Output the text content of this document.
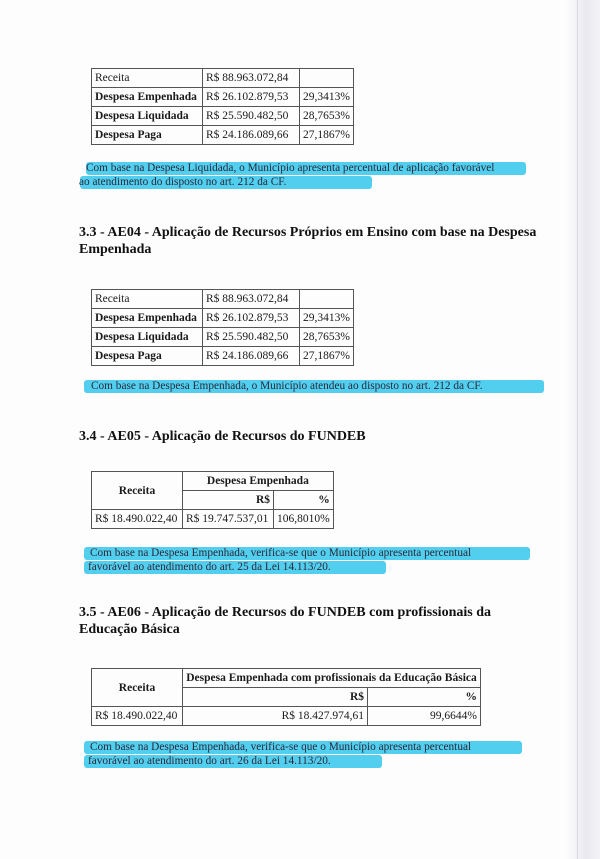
Receita	R$ 88.963.072,84	
Despesa Empenhada	R$ 26.102.879,53	29,3413%
Despesa Liquidada	R$ 25.590.482,50	28,7653%
Despesa Paga	R$ 24.186.089,66	27,1867%
Com base na Despesa Liquidada, o Município apresenta percentual de aplicação favorável
ao atendimento do disposto no art. 212 da CF.
3.3 - AE04 - Aplicação de Recursos Próprios em Ensino com base na Despesa Empenhada
Receita	R$ 88.963.072,84	
Despesa Empenhada	R$ 26.102.879,53	29,3413%
Despesa Liquidada	R$ 25.590.482,50	28,7653%
Despesa Paga	R$ 24.186.089,66	27,1867%
Com base na Despesa Empenhada, o Município atendeu ao disposto no art. 212 da CF.
3.4 - AE05 - Aplicação de Recursos do FUNDEB
Receita	Despesa Empenhada	
	R$	%
R$ 18.490.022,40	R$ 19.747.537,01	106,8010%
Com base na Despesa Empenhada, verifica-se que o Município apresenta percentual
favorável ao atendimento do art. 25 da Lei 14.113/20.
3.5 - AE06 - Aplicação de Recursos do FUNDEB com profissionais da Educação Básica
Receita	Despesa Empenhada com profissionais da Educação Básica	
	R$	%
R$ 18.490.022,40	R$ 18.427.974,61	99,6644%
Com base na Despesa Empenhada, verifica-se que o Município apresenta percentual
favorável ao atendimento do art. 26 da Lei 14.113/20.
